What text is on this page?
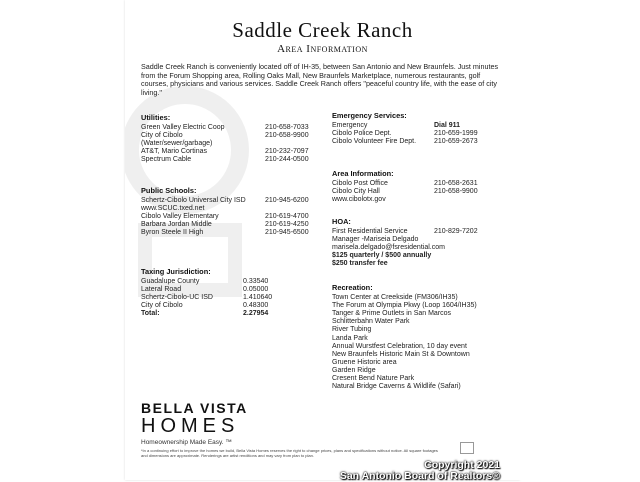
Saddle Creek Ranch
Area Information
Saddle Creek Ranch is conveniently located off of IH-35, between San Antonio and New Braunfels. Just minutes from the Forum Shopping area, Rolling Oaks Mall, New Braunfels Marketplace, numerous restaurants, golf courses, physicians and various services. Saddle Creek Ranch offers "peaceful country life, with the ease of city living."
Utilities:
Green Valley Electric Coop	210-658-7033
City of Cibolo	210-658-9900
(Water/sewer/garbage)
AT&T, Mario Cortinas	210-232-7097
Spectrum Cable	210-244-0500
Public Schools:
Schertz-Cibolo Universal City ISD	210-945-6200
www.SCUC.txed.net
Cibolo Valley Elementary	210-619-4700
Barbara Jordan Middle	210-619-4250
Byron Steele II High	210-945-6500
Taxing Jurisdiction:
Guadalupe County	0.33540
Lateral Road	0.05000
Schertz-Cibolo-UC ISD	1.410640
City of Cibolo	0.48300
Total:	2.27954
Emergency Services:
Emergency	Dial 911
Cibolo Police Dept.	210-659-1999
Cibolo Volunteer Fire Dept.	210-659-2673
Area Information:
Cibolo Post Office	210-658-2631
Cibolo City Hall	210-658-9900
www.cibolotx.gov
HOA:
First Residential Service	210-829-7202
Manager -Mariseia Delgado
marisela.delgado@fsresidential.com
$125 quarterly / $500 annually
$250 transfer fee
Recreation:
Town Center at Creekside (FM306/IH35)
The Forum at Olympia Pkwy (Loop 1604/IH35)
Tanger & Prime Outlets in San Marcos
Schlitterbahn Water Park
River Tubing
Landa Park
Annual Wurstfest Celebration, 10 day event
New Braunfels Historic Main St & Downtown
Gruene Historic area
Garden Ridge
Cresent Bend Nature Park
Natural Bridge Caverns & Wildlife (Safari)
BELLA VISTA
HOMES
Homeownership Made Easy. ™
*In a continuing effort to improve the homes we build, Bella Vista Homes reserves the right to change prices, plans and specifications without notice. All square footages and dimensions are approximate. Renderings are artist renditions and may vary from plan to plan.
Copyright 2021
San Antonio Board of Realtors®
